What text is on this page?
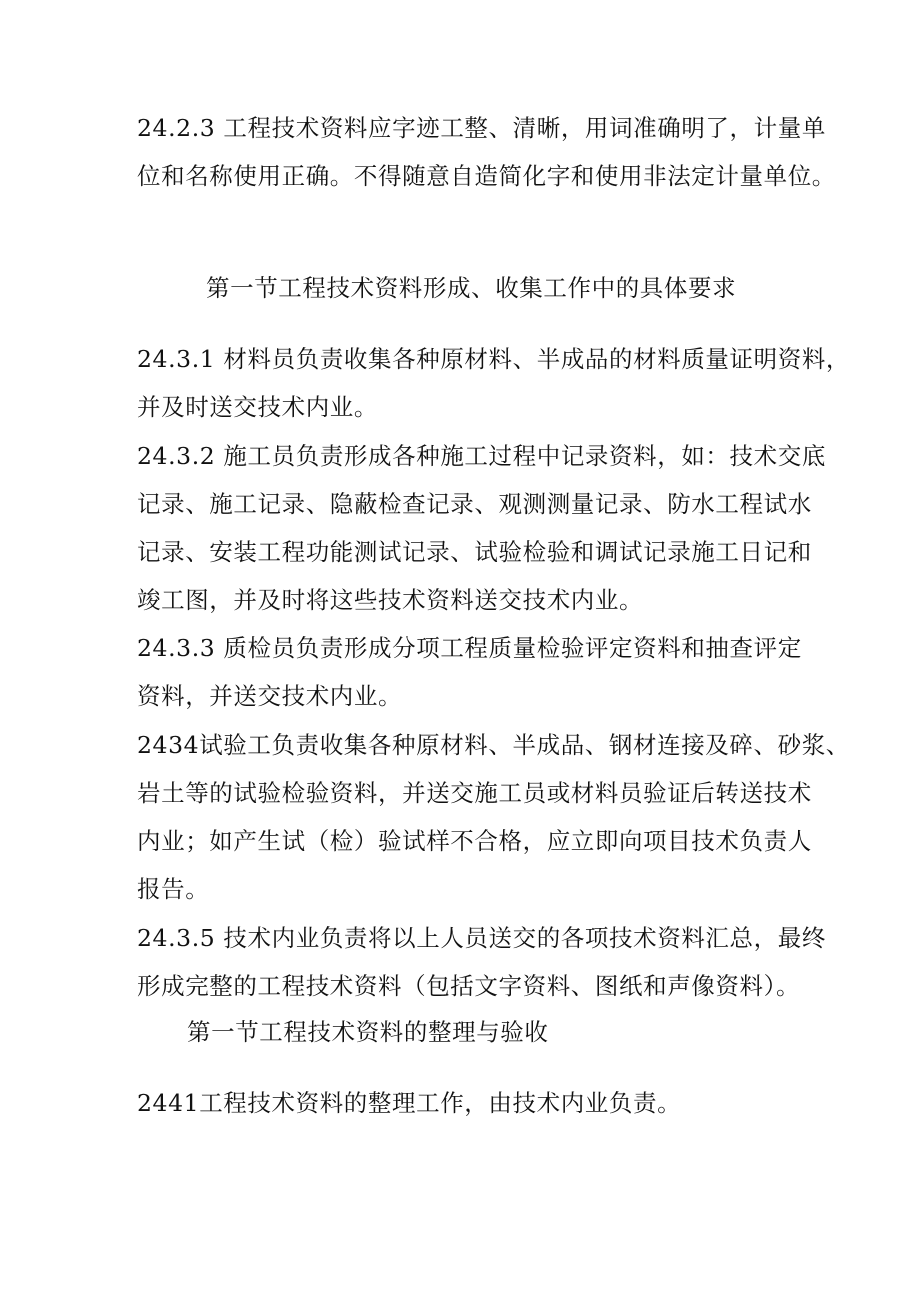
24.2.3 工程技术资料应字迹工整、清晰，用词准确明了，计量单
位和名称使用正确。不得随意自造简化字和使用非法定计量单位。
第一节工程技术资料形成、收集工作中的具体要求
24.3.1 材料员负责收集各种原材料、半成品的材料质量证明资料，
并及时送交技术内业。
24.3.2 施工员负责形成各种施工过程中记录资料，如：技术交底
记录、施工记录、隐蔽检查记录、观测测量记录、防水工程试水
记录、安装工程功能测试记录、试验检验和调试记录施工日记和
竣工图，并及时将这些技术资料送交技术内业。
24.3.3 质检员负责形成分项工程质量检验评定资料和抽查评定
资料，并送交技术内业。
2434试验工负责收集各种原材料、半成品、钢材连接及碎、砂浆、
岩土等的试验检验资料，并送交施工员或材料员验证后转送技术
内业；如产生试（检）验试样不合格，应立即向项目技术负责人
报告。
24.3.5 技术内业负责将以上人员送交的各项技术资料汇总，最终
形成完整的工程技术资料（包括文字资料、图纸和声像资料）。
第一节工程技术资料的整理与验收
2441工程技术资料的整理工作，由技术内业负责。
